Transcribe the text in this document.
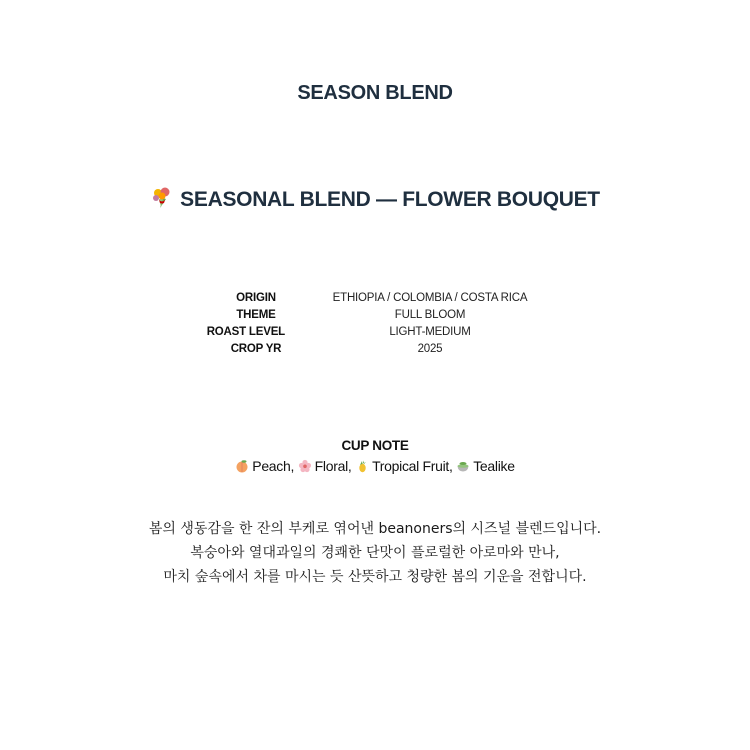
SEASON BLEND
SEASONAL BLEND — FLOWER BOUQUET
ORIGIN	ETHIOPIA / COLOMBIA / COSTA RICA
THEME	FULL BLOOM
ROAST LEVEL	LIGHT-MEDIUM
CROP YR	2025
CUP NOTE
Peach, Floral, Tropical Fruit, Tealike
봄의 생동감을 한 잔의 부케로 엮어낸 beanoners의 시즈널 블렌드입니다.
복숭아와 열대과일의 경쾌한 단맛이 플로럴한 아로마와 만나,
마치 숲속에서 차를 마시는 듯 산뜻하고 청량한 봄의 기운을 전합니다.
